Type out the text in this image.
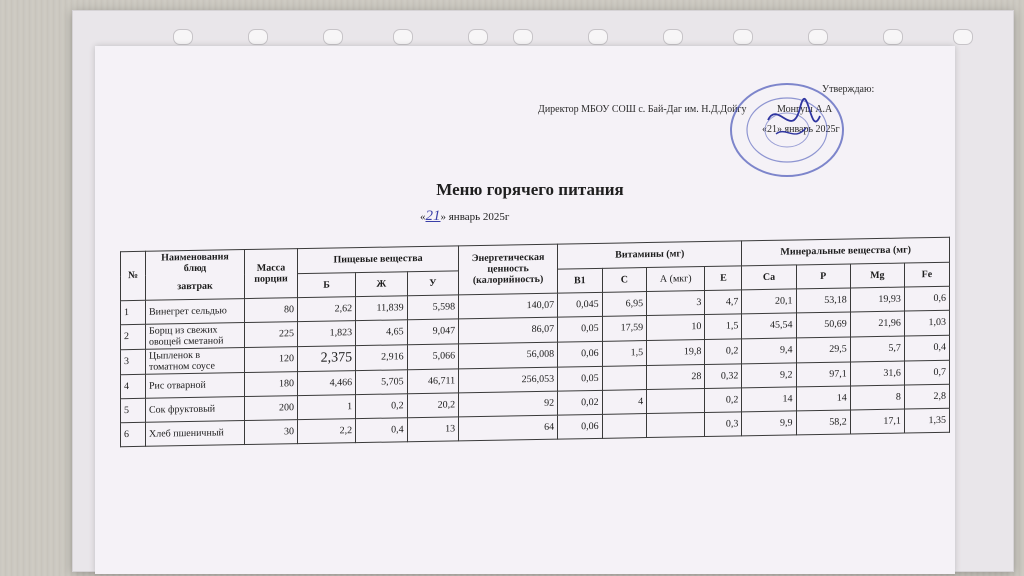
Утверждаю:
Директор МБОУ СОШ с. Бай-Даг им. Н.Д.Дойгу	Монгуш А.А
«21» январь 2025г
Меню горячего питания
«21» январь 2025г
№	Наименования блюд	Масса порции	Пищевые вещества			Энергетическая ценность (калорийность)	Витамины (мг)				Минеральные вещества (мг)			
	завтрак		Б	Ж	У		В1	С	А (мкг)	Е	Ca	P	Mg	Fe
1	Винегрет сельдью	80	2,62	11,839	5,598	140,07	0,045	6,95	3	4,7	20,1	53,18	19,93	0,6
2	Борщ из свежих овощей сметаной	225	1,823	4,65	9,047	86,07	0,05	17,59	10	1,5	45,54	50,69	21,96	1,03
3	Цыпленок в томатном соусе	120	2,375	2,916	5,066	56,008	0,06	1,5	19,8	0,2	9,4	29,5	5,7	0,4
4	Рис отварной	180	4,466	5,705	46,711	256,053	0,05		28	0,32	9,2	97,1	31,6	0,7
5	Сок фруктовый	200	1	0,2	20,2	92	0,02	4		0,2	14	14	8	2,8
6	Хлеб пшеничный	30	2,2	0,4	13	64	0,06			0,3	9,9	58,2	17,1	1,35
